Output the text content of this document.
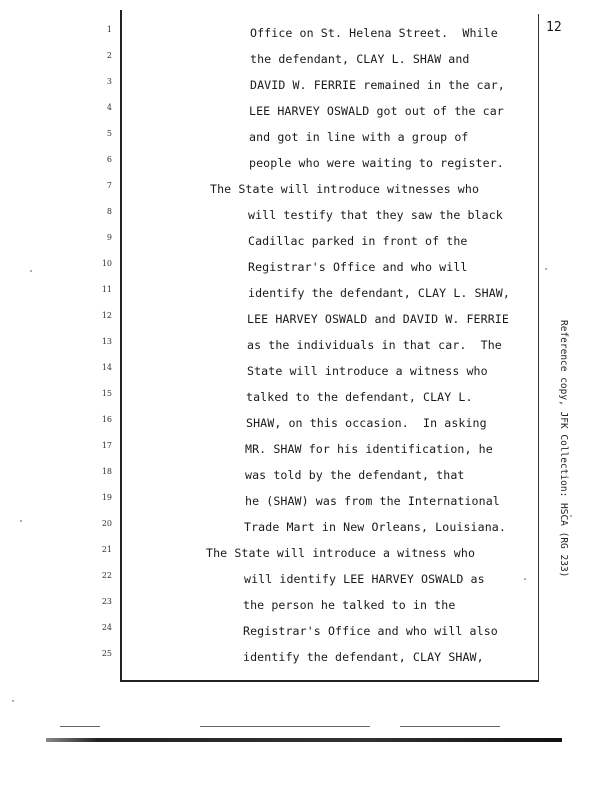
12
1
2
3
4
5
6
7
8
9
10
11
12
13
14
15
16
17
18
19
20
21
22
23
24
25
Office on St. Helena Street.  While
the defendant, CLAY L. SHAW and
DAVID W. FERRIE remained in the car,
LEE HARVEY OSWALD got out of the car
and got in line with a group of
people who were waiting to register.
The State will introduce witnesses who
will testify that they saw the black
Cadillac parked in front of the
Registrar's Office and who will
identify the defendant, CLAY L. SHAW,
LEE HARVEY OSWALD and DAVID W. FERRIE
as the individuals in that car.  The
State will introduce a witness who
talked to the defendant, CLAY L.
SHAW, on this occasion.  In asking
MR. SHAW for his identification, he
was told by the defendant, that
he (SHAW) was from the International
Trade Mart in New Orleans, Louisiana.
The State will introduce a witness who
will identify LEE HARVEY OSWALD as
the person he talked to in the
Registrar's Office and who will also
identify the defendant, CLAY SHAW,
Reference copy, JFK Collection: HSCA (RG 233)
